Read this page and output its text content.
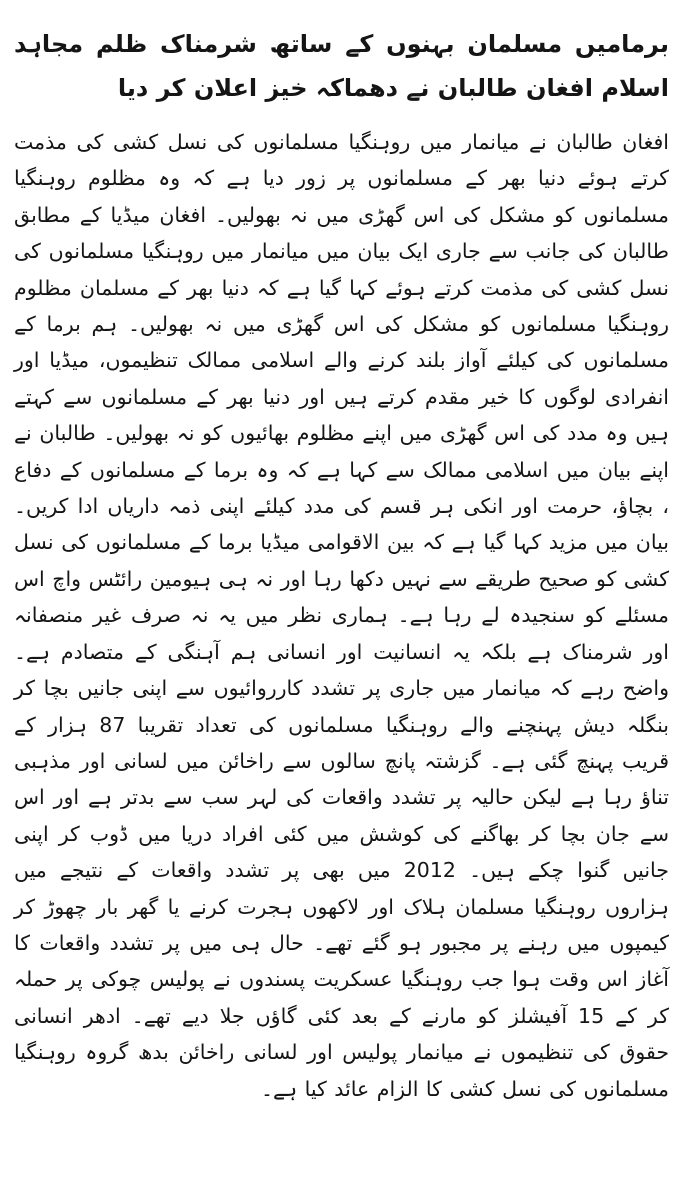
برمامیں مسلمان بہنوں کے ساتھ شرمناک ظلم مجاہد اسلام افغان طالبان نے دھماکہ خیز اعلان کر دیا

افغان طالبان نے میانمار میں روہنگیا مسلمانوں کی نسل کشی کی مذمت کرتے ہوئے دنیا بھر کے مسلمانوں پر زور دیا ہے کہ وہ مظلوم روہنگیا مسلمانوں کو مشکل کی اس گھڑی میں نہ بھولیں۔ افغان میڈیا کے مطابق طالبان کی جانب سے جاری ایک بیان میں میانمار میں روہنگیا مسلمانوں کی نسل کشی کی مذمت کرتے ہوئے کہا گیا ہے کہ دنیا بھر کے مسلمان مظلوم روہنگیا مسلمانوں کو مشکل کی اس گھڑی میں نہ بھولیں۔ ہم برما کے مسلمانوں کی کیلئے آواز بلند کرنے والے اسلامی ممالک تنظیموں، میڈیا اور انفرادی لوگوں کا خیر مقدم کرتے ہیں اور دنیا بھر کے مسلمانوں سے کہتے ہیں وہ مدد کی اس گھڑی میں اپنے مظلوم بھائیوں کو نہ بھولیں۔ طالبان نے اپنے بیان میں اسلامی ممالک سے کہا ہے کہ وہ برما کے مسلمانوں کے دفاع ، بچاؤ، حرمت اور انکی ہر قسم کی مدد کیلئے اپنی ذمہ داریاں ادا کریں۔ بیان میں مزید کہا گیا ہے کہ بین الاقوامی میڈیا برما کے مسلمانوں کی نسل کشی کو صحیح طریقے سے نہیں دکھا رہا اور نہ ہی ہیومین رائٹس واچ اس مسئلے کو سنجیدہ لے رہا ہے۔ ہماری نظر میں یہ نہ صرف غیر منصفانہ اور شرمناک ہے بلکہ یہ انسانیت اور انسانی ہم آہنگی کے متصادم ہے۔ واضح رہے کہ میانمار میں جاری پر تشدد کارروائیوں سے اپنی جانیں بچا کر بنگلہ دیش پہنچنے والے روہنگیا مسلمانوں کی تعداد تقریبا 87 ہزار کے قریب پہنچ گئی ہے۔ گزشتہ پانچ سالوں سے راخائن میں لسانی اور مذہبی تناؤ رہا ہے لیکن حالیہ پر تشدد واقعات کی لہر سب سے بدتر ہے اور اس سے جان بچا کر بھاگنے کی کوشش میں کئی افراد دریا میں ڈوب کر اپنی جانیں گنوا چکے ہیں۔ 2012 میں بھی پر تشدد واقعات کے نتیجے میں ہزاروں روہنگیا مسلمان ہلاک اور لاکھوں ہجرت کرنے یا گھر بار چھوڑ کر کیمپوں میں رہنے پر مجبور ہو گئے تھے۔ حال ہی میں پر تشدد واقعات کا آغاز اس وقت ہوا جب روہنگیا عسکریت پسندوں نے پولیس چوکی پر حملہ کر کے 15 آفیشلز کو مارنے کے بعد کئی گاؤں جلا دیے تھے۔ ادھر انسانی حقوق کی تنظیموں نے میانمار پولیس اور لسانی راخائن بدھ گروہ روہنگیا مسلمانوں کی نسل کشی کا الزام عائد کیا ہے۔
